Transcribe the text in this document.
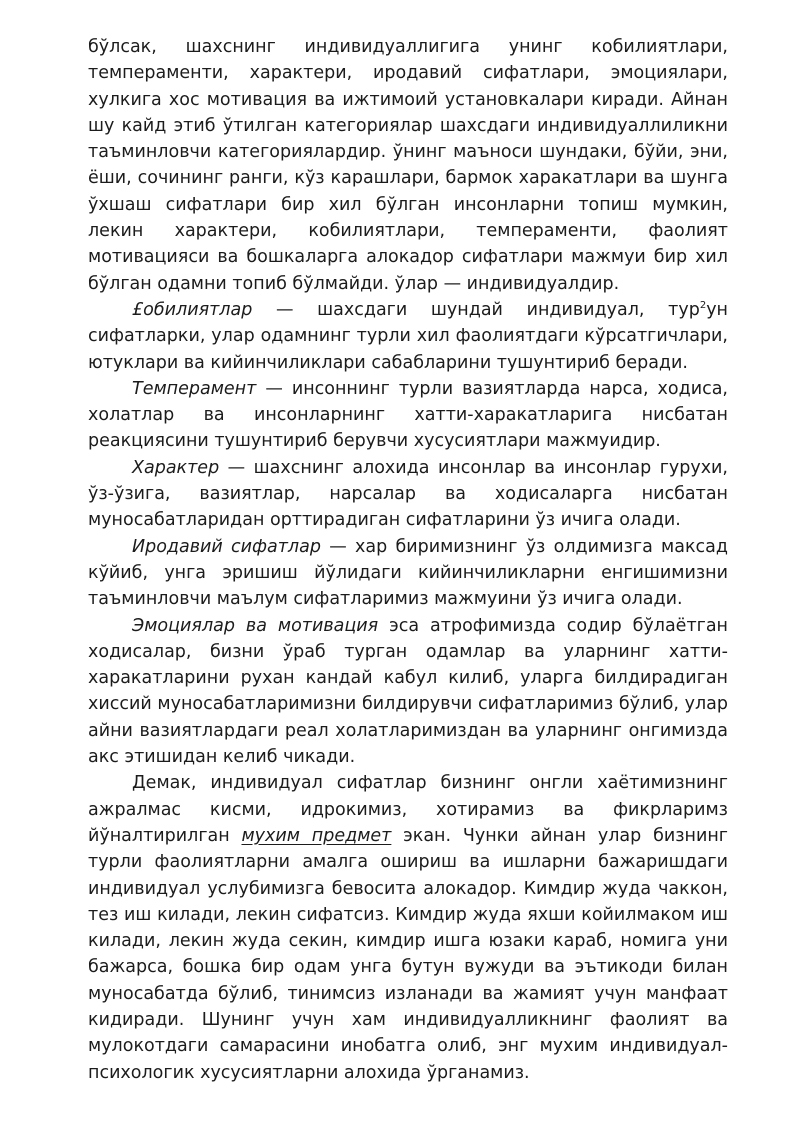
бўлсак, шахснинг индивидуаллигига унинг кобилиятлари, темпераменти, характери, иродавий сифатлари, эмоциялари, хулкига хос мотивация ва ижтимоий установкалари киради. Айнан шу кайд этиб ўтилган категориялар шахсдаги индивидуаллиликни таъминловчи категориялардир. ўнинг маъноси шундаки, бўйи, эни, ёши, сочининг ранги, кўз карашлари, бармок харакатлари ва шунга ўхшаш сифатлари бир хил бўлган инсонларни топиш мумкин, лекин характери, кобилиятлари, темпераменти, фаолият мотивацияси ва бошкаларга алокадор сифатлари мажмуи бир хил бўлган одамни топиб бўлмайди. ўлар — индивидуалдир.

£обилиятлар — шахсдаги шундай индивидуал, тур$^2$ун сифатларки, улар одамнинг турли хил фаолиятдаги кўрсатгичлари, ютуклари ва кийинчиликлари сабабларини тушунтириб беради.

Темперамент — инсоннинг турли вазиятларда нарса, ходиса, холатлар ва инсонларнинг хатти-харакатларига нисбатан реакциясини тушунтириб берувчи хусусиятлари мажмуидир.

Характер — шахснинг алохида инсонлар ва инсонлар гурухи, ўз-ўзига, вазиятлар, нарсалар ва ходисаларга нисбатан муносабатларидан орттирадиган сифатларини ўз ичига олади.

Иродавий сифатлар — хар биримизнинг ўз олдимизга максад кўйиб, унга эришиш йўлидаги кийинчиликларни енгишимизни таъминловчи маълум сифатларимиз мажмуини ўз ичига олади.

Эмоциялар ва мотивация эса атрофимизда содир бўлаётган ходисалар, бизни ўраб турган одамлар ва уларнинг хатти-харакатларини рухан кандай кабул килиб, уларга билдирадиган хиссий муносабатларимизни билдирувчи сифатларимиз бўлиб, улар айни вазиятлардаги реал холатларимиздан ва уларнинг онгимизда акс этишидан келиб чикади.

Демак, индивидуал сифатлар бизнинг онгли хаётимизнинг ажралмас кисми, идрокимиз, хотирамиз ва фикрларимз йўналтирилган мухим предмет экан. Чунки айнан улар бизнинг турли фаолиятларни амалга ошириш ва ишларни бажаришдаги индивидуал услубимизга бевосита алокадор. Кимдир жуда чаккон, тез иш килади, лекин сифатсиз. Кимдир жуда яхши койилмаком иш килади, лекин жуда секин, кимдир ишга юзаки караб, номига уни бажарса, бошка бир одам унга бутун вужуди ва эътикоди билан муносабатда бўлиб, тинимсиз изланади ва жамият учун манфаат кидиради. Шунинг учун хам индивидуалликнинг фаолият ва мулокотдаги самарасини инобатга олиб, энг мухим индивидуал-психологик хусусиятларни алохида ўрганамиз.
